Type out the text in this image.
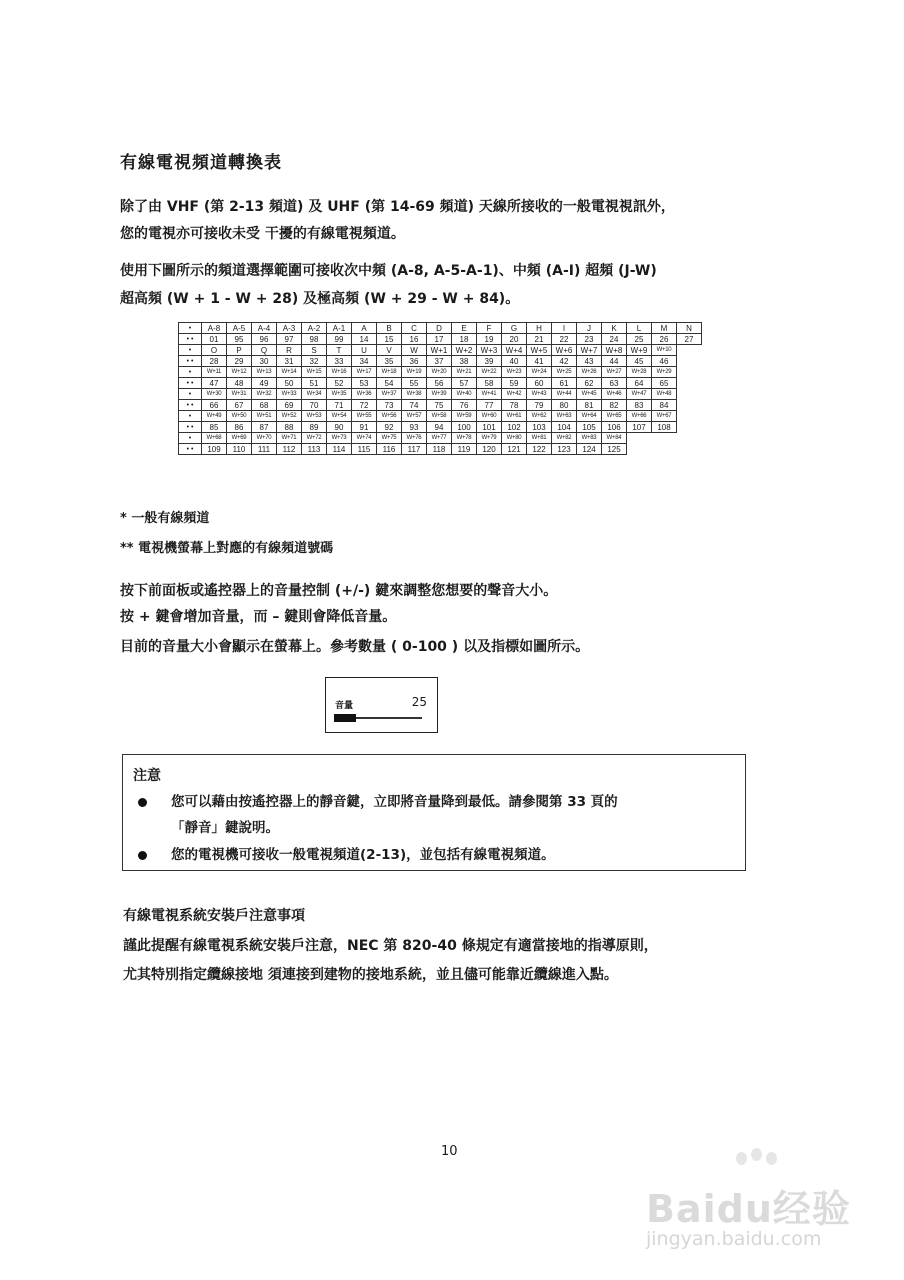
有線電視頻道轉換表
除了由 VHF (第 2-13 頻道) 及 UHF (第 14-69 頻道) 天線所接收的一般電視視訊外，
您的電視亦可接收未受 干擾的有線電視頻道。
使用下圖所示的頻道選擇範圍可接收次中頻 (A-8, A-5-A-1)、中頻 (A-I) 超頻 (J-W)
超高頻 (W + 1 - W + 28) 及極高頻 (W + 29 - W + 84)。
•	A-8	A-5	A-4	A-3	A-2	A-1	A	B	C	D	E	F	G	H	I	J	K	L	M	N
• •	01	95	96	97	98	99	14	15	16	17	18	19	20	21	22	23	24	25	26	27
•	O	P	Q	R	S	T	U	V	W	W+1	W+2	W+3	W+4	W+5	W+6	W+7	W+8	W+9	W+10	
• •	28	29	30	31	32	33	34	35	36	37	38	39	40	41	42	43	44	45	46	
•	W+11	W+12	W+13	W+14	W+15	W+16	W+17	W+18	W+19	W+20	W+21	W+22	W+23	W+24	W+25	W+26	W+27	W+28	W+29	
• •	47	48	49	50	51	52	53	54	55	56	57	58	59	60	61	62	63	64	65	
•	W+30	W+31	W+32	W+33	W+34	W+35	W+36	W+37	W+38	W+39	W+40	W+41	W+42	W+43	W+44	W+45	W+46	W+47	W+48	
• •	66	67	68	69	70	71	72	73	74	75	76	77	78	79	80	81	82	83	84	
•	W+49	W+50	W+51	W+52	W+53	W+54	W+55	W+56	W+57	W+58	W+59	W+60	W+61	W+62	W+63	W+64	W+65	W+66	W+67	
• •	85	86	87	88	89	90	91	92	93	94	100	101	102	103	104	105	106	107	108	
•	W+68	W+69	W+70	W+71	W+72	W+73	W+74	W+75	W+76	W+77	W+78	W+79	W+80	W+81	W+82	W+83	W+84			
• •	109	110	111	112	113	114	115	116	117	118	119	120	121	122	123	124	125			
* 一般有線頻道
** 電視機螢幕上對應的有線頻道號碼
按下前面板或遙控器上的音量控制 (+/-) 鍵來調整您想要的聲音大小。
按 + 鍵會增加音量，而 – 鍵則會降低音量。
目前的音量大小會顯示在螢幕上。參考數量 ( 0-100 ) 以及指標如圖所示。
音量	25
注意
您可以藉由按遙控器上的靜音鍵，立即將音量降到最低。請參閱第 33 頁的
「靜音」鍵說明。
您的電視機可接收一般電視頻道(2-13)，並包括有線電視頻道。
有線電視系統安裝戶注意事項
謹此提醒有線電視系統安裝戶注意，NEC 第 820-40 條規定有適當接地的指導原則，
尤其特別指定纜線接地 須連接到建物的接地系統，並且儘可能靠近纜線進入點。
10
Baidu经验
jingyan.baidu.com
